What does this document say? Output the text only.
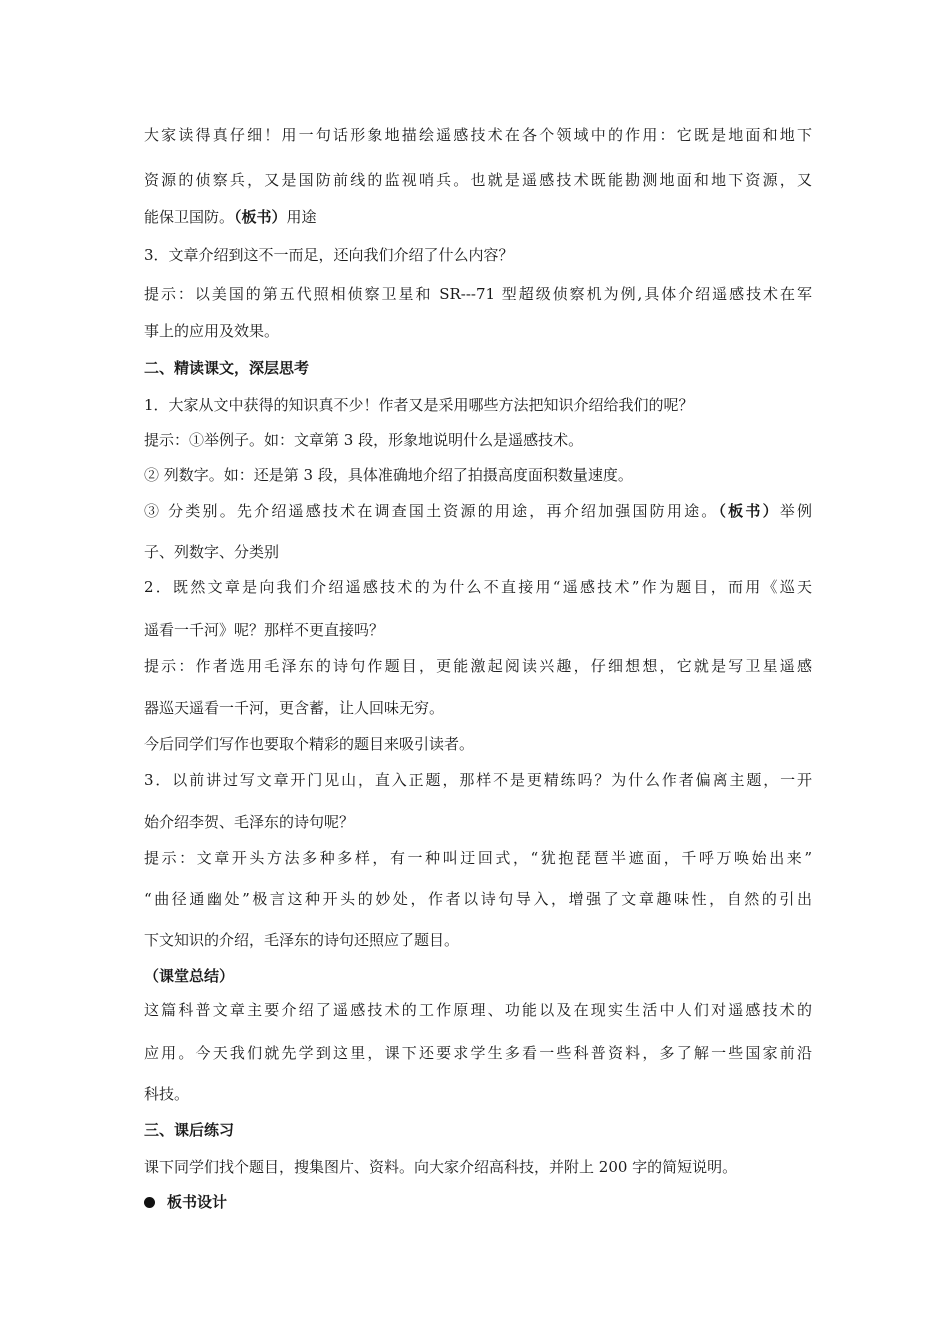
大家读得真仔细！用一句话形象地描绘遥感技术在各个领域中的作用：它既是地面和地下
资源的侦察兵，又是国防前线的监视哨兵。也就是遥感技术既能勘测地面和地下资源，又
能保卫国防。（板书）用途
3．文章介绍到这不一而足，还向我们介绍了什么内容？
提示：以美国的第五代照相侦察卫星和 SR---71 型超级侦察机为例,具体介绍遥感技术在军
事上的应用及效果。
二、精读课文，深层思考
1．大家从文中获得的知识真不少！作者又是采用哪些方法把知识介绍给我们的呢？
提示：①举例子。如：文章第 3 段，形象地说明什么是遥感技术。
② 列数字。如：还是第 3 段，具体准确地介绍了拍摄高度面积数量速度。
③ 分类别。先介绍遥感技术在调查国土资源的用途，再介绍加强国防用途。（板书）举例
子、列数字、分类别
2．既然文章是向我们介绍遥感技术的为什么不直接用“遥感技术”作为题目，而用《巡天
遥看一千河》呢？那样不更直接吗？
提示：作者选用毛泽东的诗句作题目，更能激起阅读兴趣，仔细想想，它就是写卫星遥感
器巡天遥看一千河，更含蓄，让人回味无穷。
今后同学们写作也要取个精彩的题目来吸引读者。
3．以前讲过写文章开门见山，直入正题，那样不是更精练吗？为什么作者偏离主题，一开
始介绍李贺、毛泽东的诗句呢？
提示：文章开头方法多种多样，有一种叫迂回式，“犹抱琵琶半遮面，千呼万唤始出来”
“曲径通幽处”极言这种开头的妙处，作者以诗句导入，增强了文章趣味性，自然的引出
下文知识的介绍，毛泽东的诗句还照应了题目。
（课堂总结）
这篇科普文章主要介绍了遥感技术的工作原理、功能以及在现实生活中人们对遥感技术的
应用。今天我们就先学到这里，课下还要求学生多看一些科普资料，多了解一些国家前沿
科技。
三、课后练习
课下同学们找个题目，搜集图片、资料。向大家介绍高科技，并附上 200 字的简短说明。
板书设计
